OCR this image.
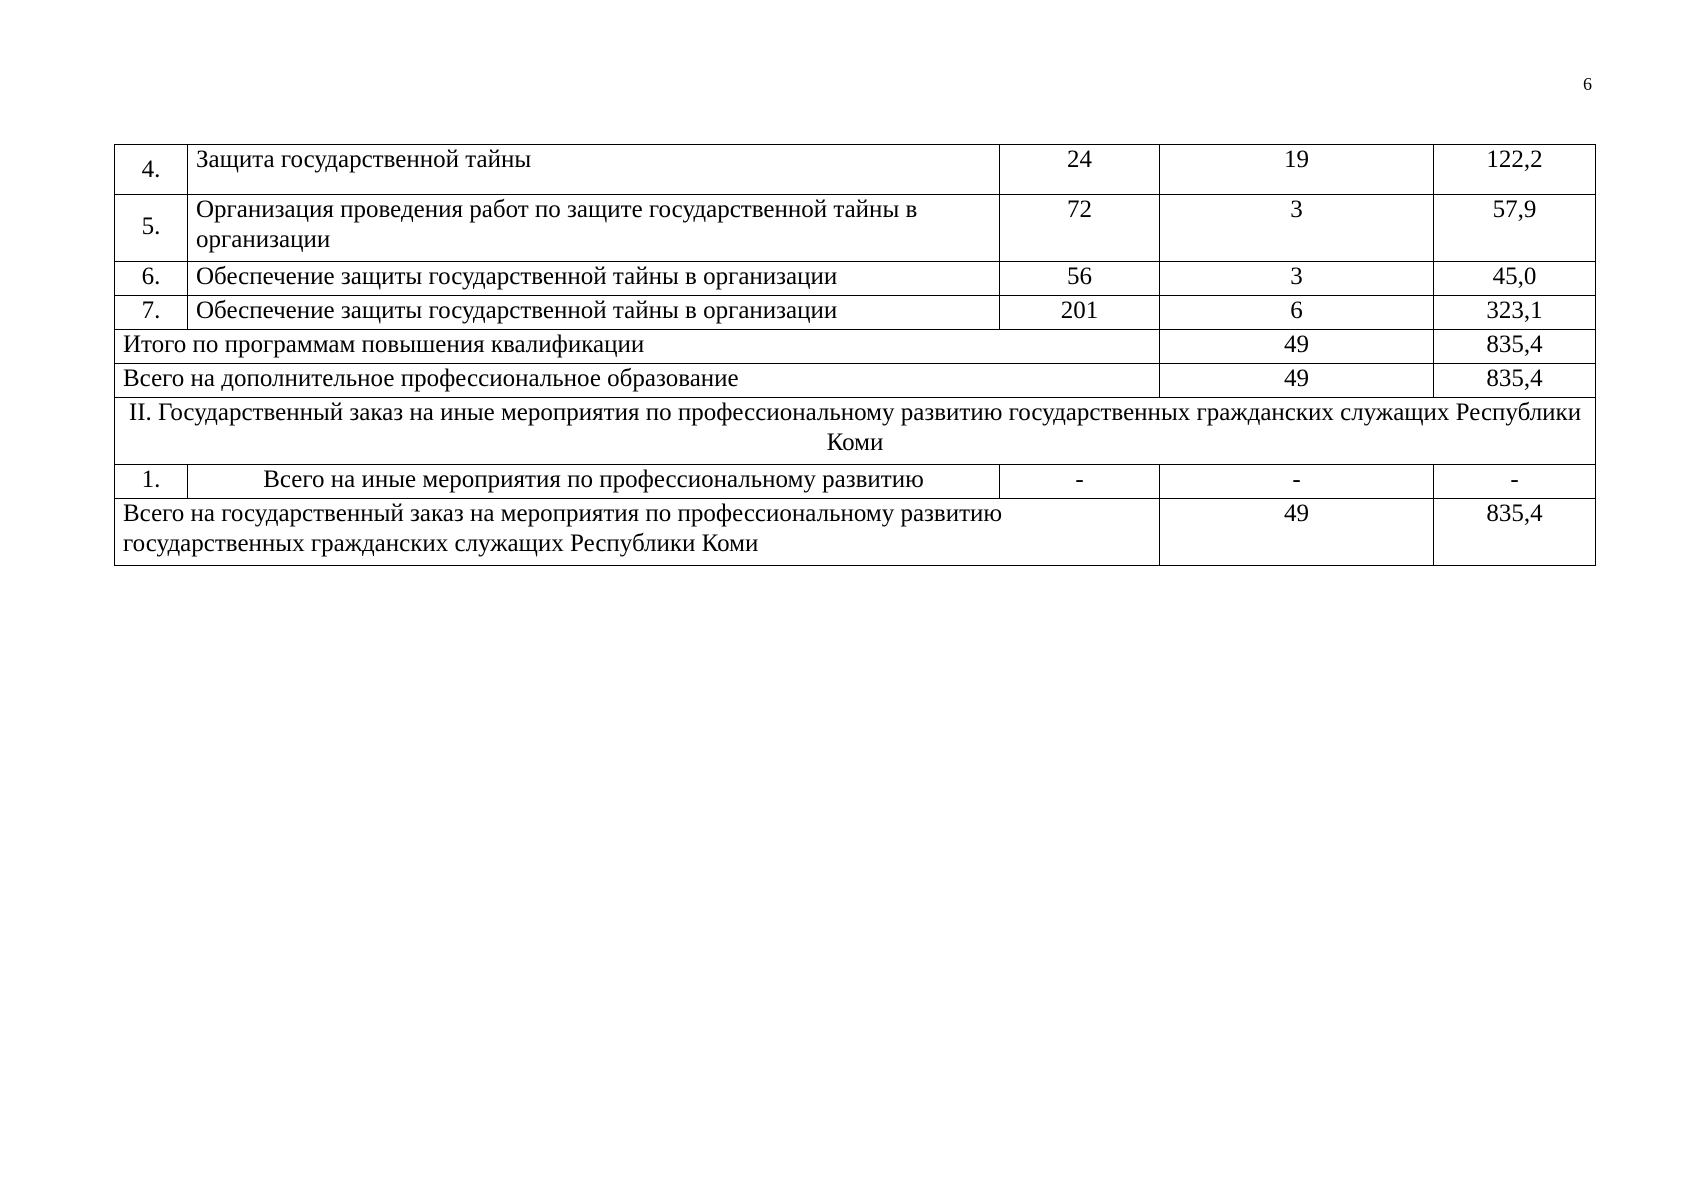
6
4.	Защита государственной тайны	24	19	122,2
5.	Организация проведения работ по защите государственной тайны в организации	72	3	57,9
6.	Обеспечение защиты государственной тайны в организации	56	3	45,0
7.	Обеспечение защиты государственной тайны в организации	201	6	323,1
Итого по программам повышения квалификации			49	835,4
Всего на дополнительное профессиональное образование			49	835,4
II. Государственный заказ на иные мероприятия по профессиональному развитию государственных гражданских служащих Республики Коми				
1.	Всего на иные мероприятия по профессиональному развитию	-	-	-
Всего на государственный заказ на мероприятия по профессиональному развитию государственных гражданских служащих Республики Коми			49	835,4
